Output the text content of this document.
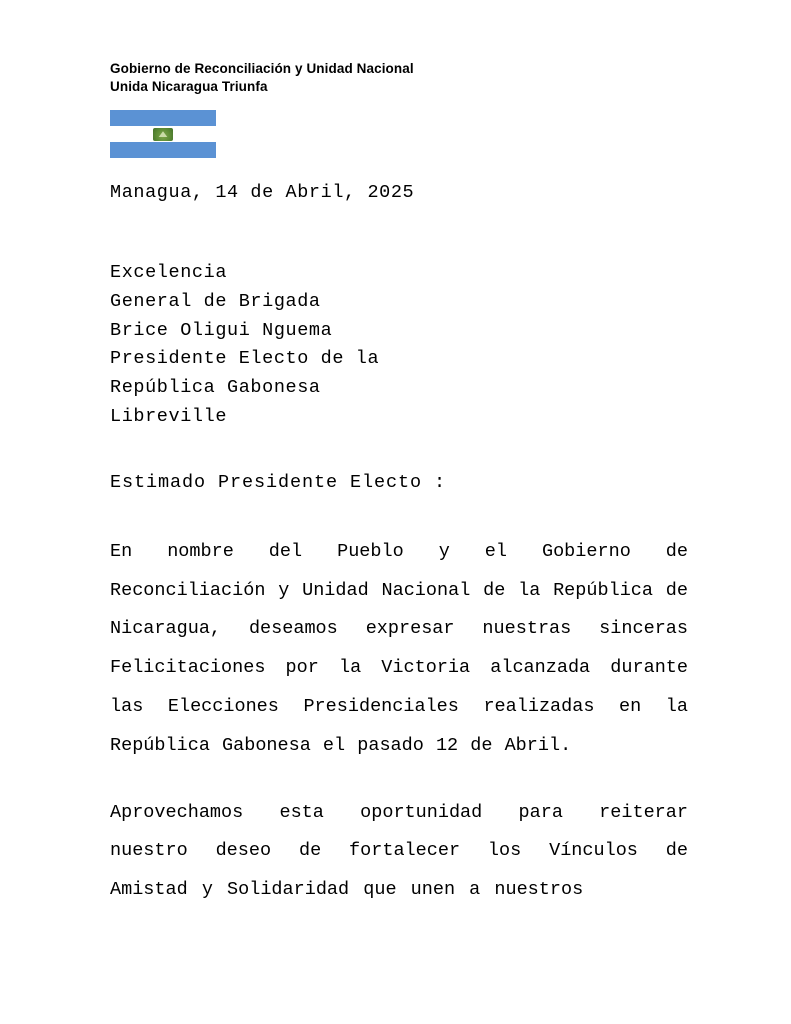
Gobierno de Reconciliación y Unidad Nacional
Unida Nicaragua Triunfa
Managua, 14 de Abril, 2025
Excelencia
General de Brigada
Brice Oligui Nguema
Presidente Electo de la
República Gabonesa
Libreville
Estimado Presidente Electo :
En nombre del Pueblo y el Gobierno de Reconciliación y Unidad Nacional de la República de Nicaragua, deseamos expresar nuestras sinceras Felicitaciones por la Victoria alcanzada durante las Elecciones Presidenciales realizadas en la República Gabonesa el pasado 12 de Abril.
Aprovechamos esta oportunidad para reiterar nuestro deseo de fortalecer los Vínculos de Amistad y Solidaridad que unen a nuestros
